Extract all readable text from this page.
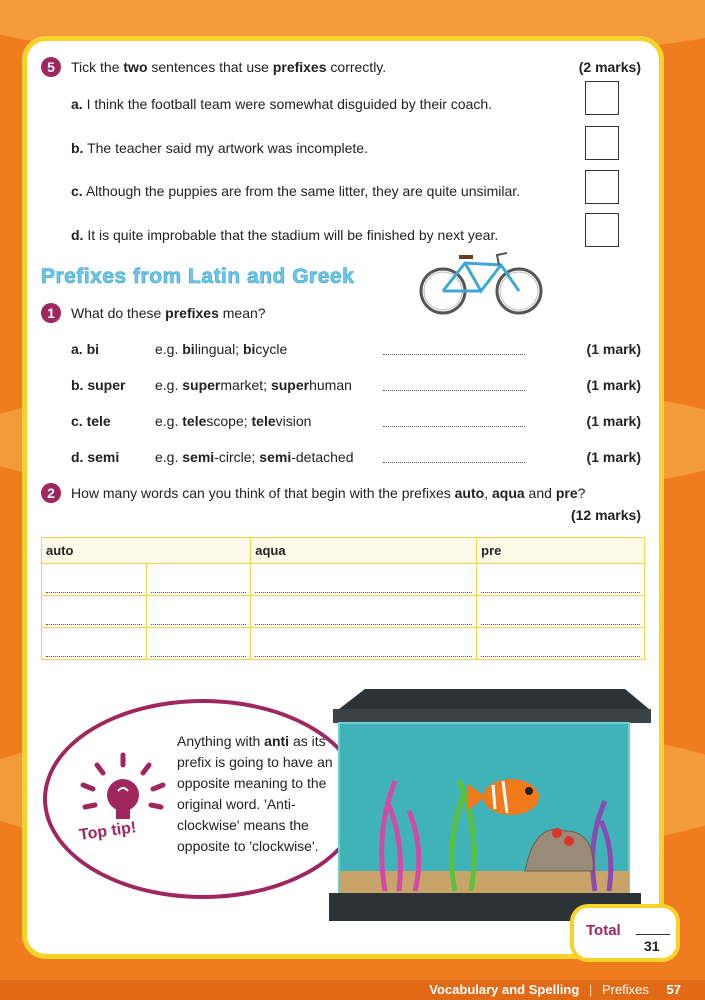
5	Tick the two sentences that use prefixes correctly.	(2 marks)
a. I think the football team were somewhat disguided by their coach.
b. The teacher said my artwork was incomplete.
c. Although the puppies are from the same litter, they are quite unsimilar.
d. It is quite improbable that the stadium will be finished by next year.
Prefixes from Latin and Greek
1	What do these prefixes mean?
a. bi	e.g. bilingual; bicycle	(1 mark)
b. super e.g. supermarket; superhuman	(1 mark)
c. tele	e.g. telescope; television	(1 mark)
d. semi	e.g. semi-circle; semi-detached	(1 mark)
2	How many words can you think of that begin with the prefixes auto, aqua and pre?
(12 marks)
auto		aqua	pre

Top tip!
Anything with anti as its prefix is going to have an opposite meaning to the original word. 'Anti-clockwise' means the opposite to 'clockwise'.
Total
31
Vocabulary and Spelling | Prefixes 57
